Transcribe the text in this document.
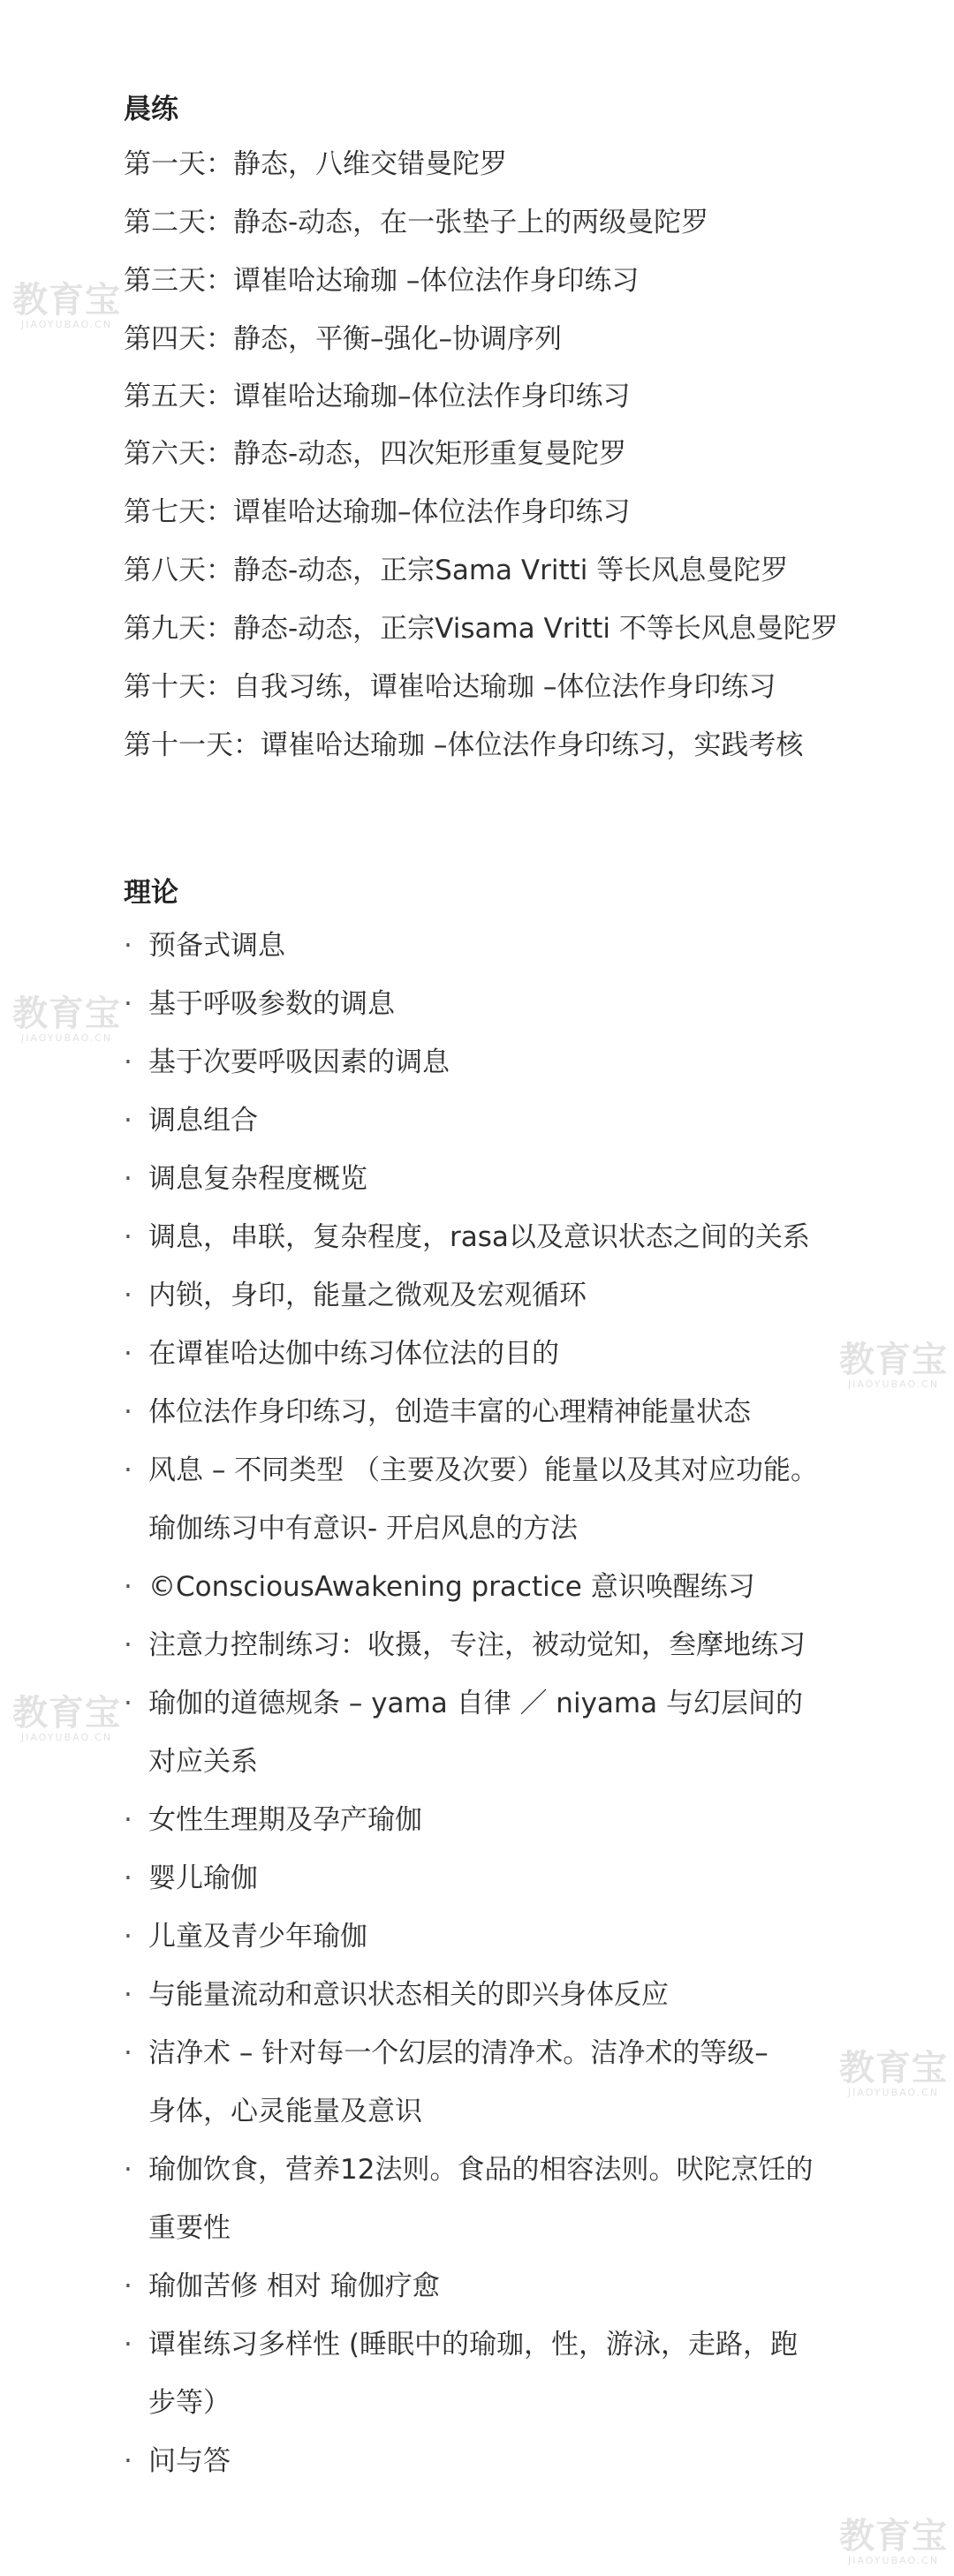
晨练
第一天：静态，八维交错曼陀罗
第二天：静态-动态，在一张垫子上的两级曼陀罗
第三天：谭崔哈达瑜珈 –体位法作身印练习
第四天：静态，平衡–强化–协调序列
第五天：谭崔哈达瑜珈–体位法作身印练习
第六天：静态-动态，四次矩形重复曼陀罗
第七天：谭崔哈达瑜珈–体位法作身印练习
第八天：静态-动态，正宗Sama Vritti 等长风息曼陀罗
第九天：静态-动态，正宗Visama Vritti 不等长风息曼陀罗
第十天：自我习练，谭崔哈达瑜珈 –体位法作身印练习
第十一天：谭崔哈达瑜珈 –体位法作身印练习，实践考核
理论
· 预备式调息
· 基于呼吸参数的调息
· 基于次要呼吸因素的调息
· 调息组合
· 调息复杂程度概览
· 调息，串联，复杂程度，rasa以及意识状态之间的关系
· 内锁，身印，能量之微观及宏观循环
· 在谭崔哈达伽中练习体位法的目的
· 体位法作身印练习，创造丰富的心理精神能量状态
· 风息 – 不同类型 （主要及次要）能量以及其对应功能。
瑜伽练习中有意识- 开启风息的方法
· ©ConsciousAwakening practice 意识唤醒练习
· 注意力控制练习：收摄，专注，被动觉知，叁摩地练习
· 瑜伽的道德规条 – yama 自律 ／ niyama 与幻层间的
对应关系
· 女性生理期及孕产瑜伽
· 婴儿瑜伽
· 儿童及青少年瑜伽
· 与能量流动和意识状态相关的即兴身体反应
· 洁净术 – 针对每一个幻层的清净术。洁净术的等级–
身体，心灵能量及意识
· 瑜伽饮食，营养12法则。食品的相容法则。吠陀烹饪的
重要性
· 瑜伽苦修 相对 瑜伽疗愈
· 谭崔练习多样性 (睡眠中的瑜珈，性，游泳，走路，跑
步等）
· 问与答
教育宝
JIAOYUBAO.CN
教育宝
JIAOYUBAO.CN
教育宝
JIAOYUBAO.CN
教育宝
JIAOYUBAO.CN
教育宝
JIAOYUBAO.CN
教育宝
JIAOYUBAO.CN
